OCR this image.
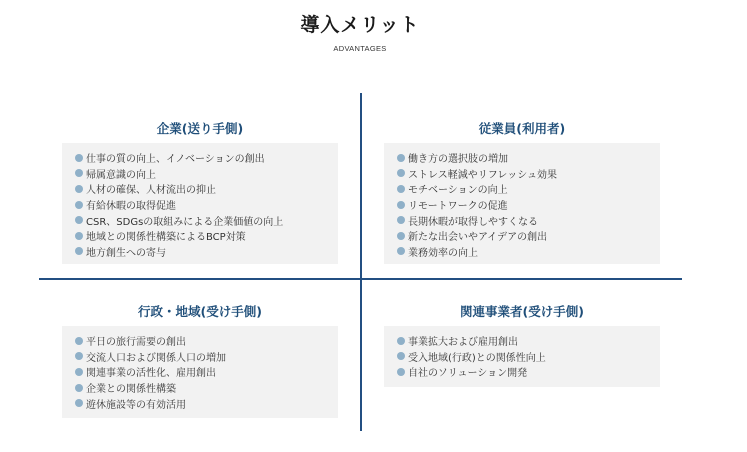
導入メリット
ADVANTAGES
企業(送り手側)
仕事の質の向上、イノベーションの創出
帰属意識の向上
人材の確保、人材流出の抑止
有給休暇の取得促進
CSR、SDGsの取組みによる企業価値の向上
地域との関係性構築によるBCP対策
地方創生への寄与
従業員(利用者)
働き方の選択肢の増加
ストレス軽減やリフレッシュ効果
モチベーションの向上
リモートワークの促進
長期休暇が取得しやすくなる
新たな出会いやアイデアの創出
業務効率の向上
行政・地域(受け手側)
平日の旅行需要の創出
交流人口および関係人口の増加
関連事業の活性化、雇用創出
企業との関係性構築
遊休施設等の有効活用
関連事業者(受け手側)
事業拡大および雇用創出
受入地域(行政)との関係性向上
自社のソリューション開発
